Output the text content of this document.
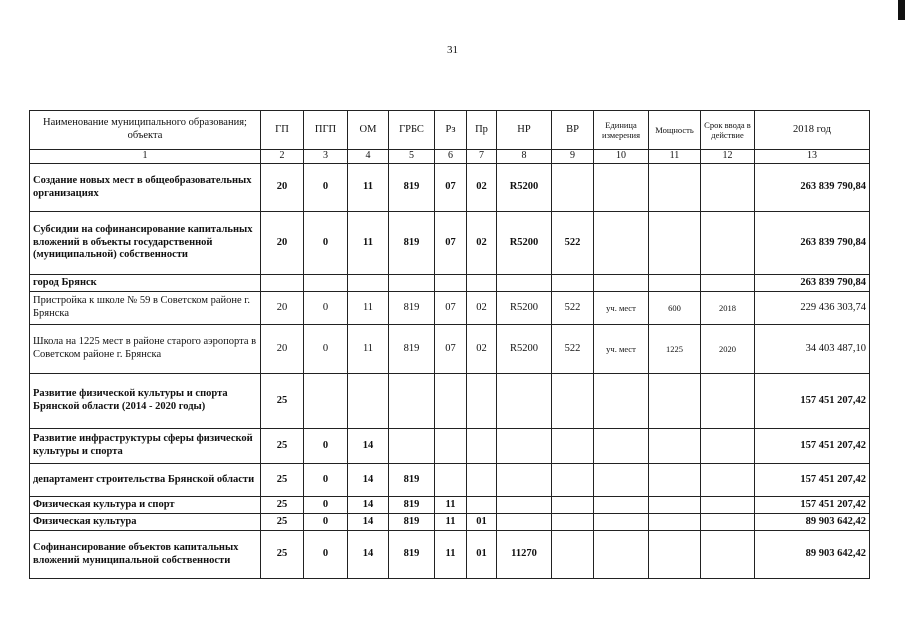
31
Наименование муниципального образования; объекта	ГП	ПГП	ОМ	ГРБС	Рз	Пр	НР	ВР	Единица измерения	Мощность	Срок ввода в действие	2018 год
1	2	3	4	5	6	7	8	9	10	11	12	13
Создание новых мест в общеобразовательных организациях	20	0	11	819	07	02	R5200					263 839 790,84
Субсидии на софинансирование капитальных вложений в объекты государственной (муниципальной) собственности	20	0	11	819	07	02	R5200	522				263 839 790,84
город Брянск												263 839 790,84
Пристройка к школе № 59 в Советском районе г. Брянска	20	0	11	819	07	02	R5200	522	уч. мест	600	2018	229 436 303,74
Школа на 1225 мест в районе старого аэропорта в Советском районе г. Брянска	20	0	11	819	07	02	R5200	522	уч. мест	1225	2020	34 403 487,10
Развитие физической культуры и спорта Брянской области (2014 - 2020 годы)	25											157 451 207,42
Развитие инфраструктуры сферы физической культуры и спорта	25	0	14									157 451 207,42
департамент строительства Брянской области	25	0	14	819								157 451 207,42
Физическая культура и спорт	25	0	14	819	11							157 451 207,42
Физическая культура	25	0	14	819	11	01						89 903 642,42
Софинансирование объектов капитальных вложений муниципальной собственности	25	0	14	819	11	01	11270					89 903 642,42
